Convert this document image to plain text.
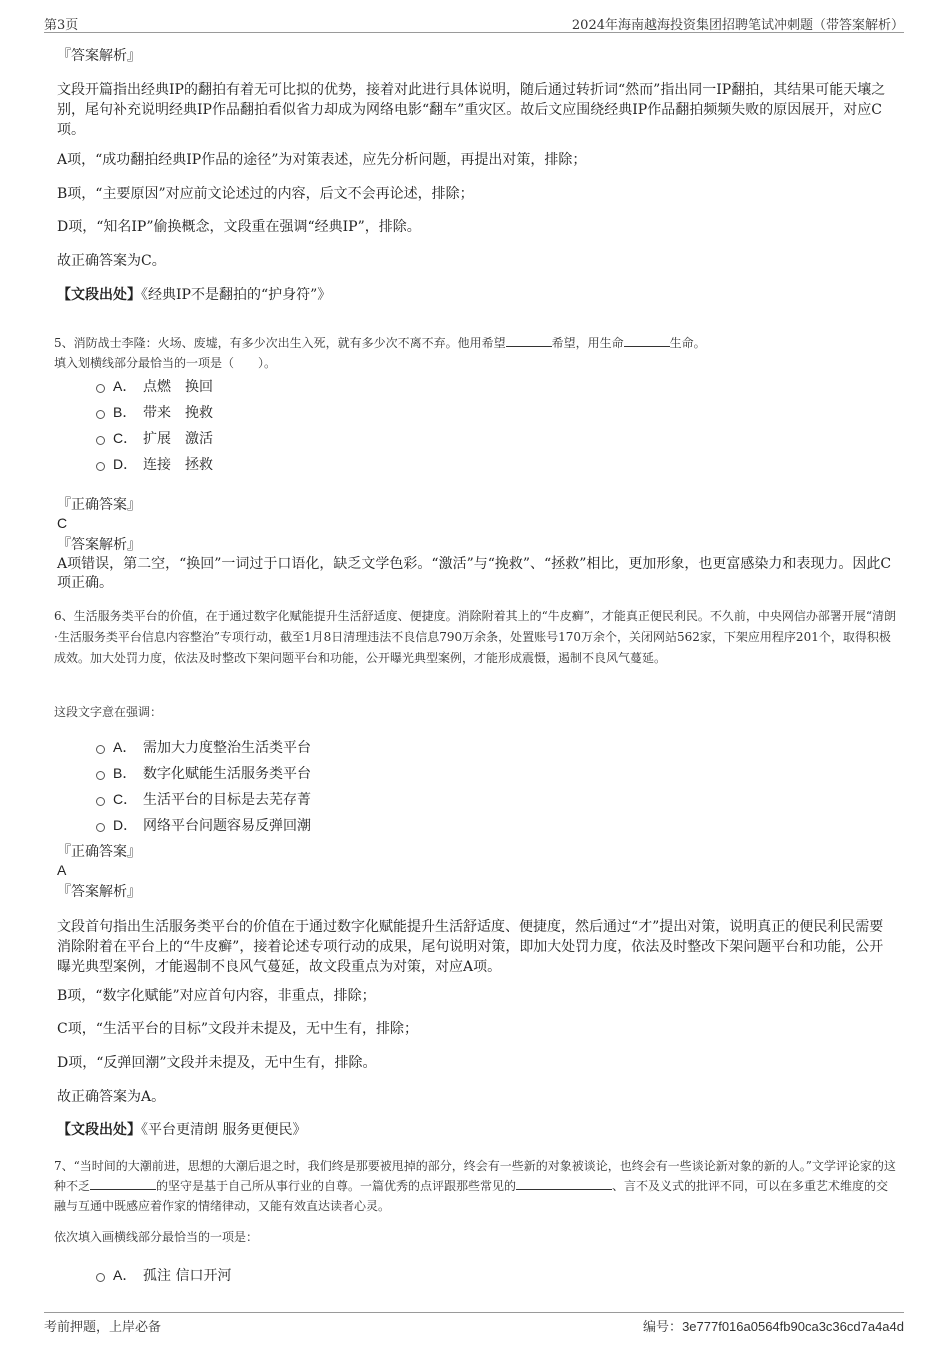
第3页	2024年海南越海投资集团招聘笔试冲刺题（带答案解析）
『答案解析』
文段开篇指出经典IP的翻拍有着无可比拟的优势，接着对此进行具体说明，随后通过转折词“然而”指出同一IP翻拍，其结果可能天壤之别，尾句补充说明经典IP作品翻拍看似省力却成为网络电影“翻车”重灾区。故后文应围绕经典IP作品翻拍频频失败的原因展开，对应C项。
A项，“成功翻拍经典IP作品的途径”为对策表述，应先分析问题，再提出对策，排除；
B项，“主要原因”对应前文论述过的内容，后文不会再论述，排除；
D项，“知名IP”偷换概念，文段重在强调“经典IP”，排除。
故正确答案为C。
【文段出处】《经典IP不是翻拍的“护身符”》
5、消防战士李隆：火场、废墟，有多少次出生入死，就有多少次不离不弃。他用希望	希望，用生命	生命。
填入划横线部分最恰当的一项是（　　）。
A． 点燃　换回
B． 带来　挽救
C． 扩展　激活
D． 连接　拯救
『正确答案』
C
『答案解析』
A项错误，第二空，“换回”一词过于口语化，缺乏文学色彩。“激活”与“挽救”、“拯救”相比，更加形象，也更富感染力和表现力。因此C项正确。
6、生活服务类平台的价值，在于通过数字化赋能提升生活舒适度、便捷度。消除附着其上的“牛皮癣”，才能真正便民利民。不久前，中央网信办部署开展“清朗·生活服务类平台信息内容整治”专项行动，截至1月8日清理违法不良信息790万余条，处置账号170万余个，关闭网站562家，下架应用程序201个，取得积极成效。加大处罚力度，依法及时整改下架问题平台和功能，公开曝光典型案例，才能形成震慑，遏制不良风气蔓延。
这段文字意在强调：
A． 需加大力度整治生活类平台
B． 数字化赋能生活服务类平台
C． 生活平台的目标是去芜存菁
D． 网络平台问题容易反弹回潮
『正确答案』
A
『答案解析』
文段首句指出生活服务类平台的价值在于通过数字化赋能提升生活舒适度、便捷度，然后通过“才”提出对策，说明真正的便民利民需要消除附着在平台上的“牛皮癣”，接着论述专项行动的成果，尾句说明对策，即加大处罚力度，依法及时整改下架问题平台和功能，公开曝光典型案例，才能遏制不良风气蔓延，故文段重点为对策，对应A项。
B项，“数字化赋能”对应首句内容，非重点，排除；
C项，“生活平台的目标”文段并未提及，无中生有，排除；
D项，“反弹回潮”文段并未提及，无中生有，排除。
故正确答案为A。
【文段出处】《平台更清朗 服务更便民》
7、“当时间的大潮前进，思想的大潮后退之时，我们终是那要被甩掉的部分，终会有一些新的对象被谈论，也终会有一些谈论新对象的新的人。”文学评论家的这种不乏	的坚守是基于自己所从事行业的自尊。一篇优秀的点评跟那些常见的	、言不及义式的批评不同，可以在多重艺术维度的交融与互通中既感应着作家的情绪律动，又能有效直达读者心灵。
依次填入画横线部分最恰当的一项是：
A． 孤注 信口开河
考前押题，上岸必备	编号：3e777f016a0564fb90ca3c36cd7a4a4d
